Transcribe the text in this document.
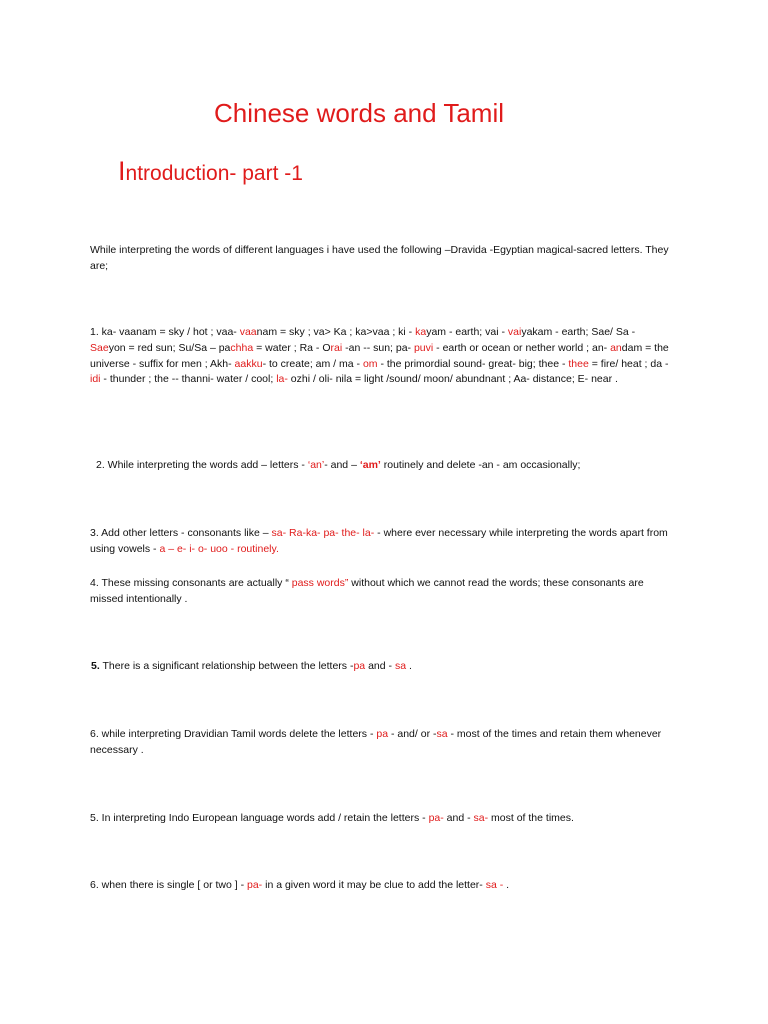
Chinese words and Tamil
Introduction- part -1

While interpreting the words of different languages i have used the following –Dravida -Egyptian magical-sacred letters. They are;

1. ka- vaanam = sky / hot ; vaa- vaanam = sky ; va> Ka ; ka>vaa ; ki - kayam - earth; vai - vaiyakam - earth; Sae/ Sa - Saeyon = red sun; Su/Sa – pachha = water ; Ra - Orai -an -- sun; pa- puvi - earth or ocean or nether world ; an- andam = the universe - suffix for men ; Akh- aakku- to create; am / ma - om - the primordial sound- great- big; thee - thee = fire/ heat ; da - idi - thunder ; the -- thanni- water / cool; la- ozhi / oli- nila = light /sound/ moon/ abundnant ; Aa- distance; E- near .

2. While interpreting the words add – letters - ‘an’- and – ‘am’ routinely and delete -an - am occasionally;

3. Add other letters - consonants like – sa- Ra-ka- pa- the- la- - where ever necessary while interpreting the words apart from using vowels - a – e- i- o- uoo - routinely.

4. These missing consonants are actually “ pass words” without which we cannot read the words; these consonants are missed intentionally .

5. There is a significant relationship between the letters -pa and - sa .

6. while interpreting Dravidian Tamil words delete the letters - pa - and/ or -sa - most of the times and retain them whenever necessary .

5. In interpreting Indo European language words add / retain the letters - pa- and - sa- most of the times.

6. when there is single [ or two ] - pa- in a given word it may be clue to add the letter- sa - .
